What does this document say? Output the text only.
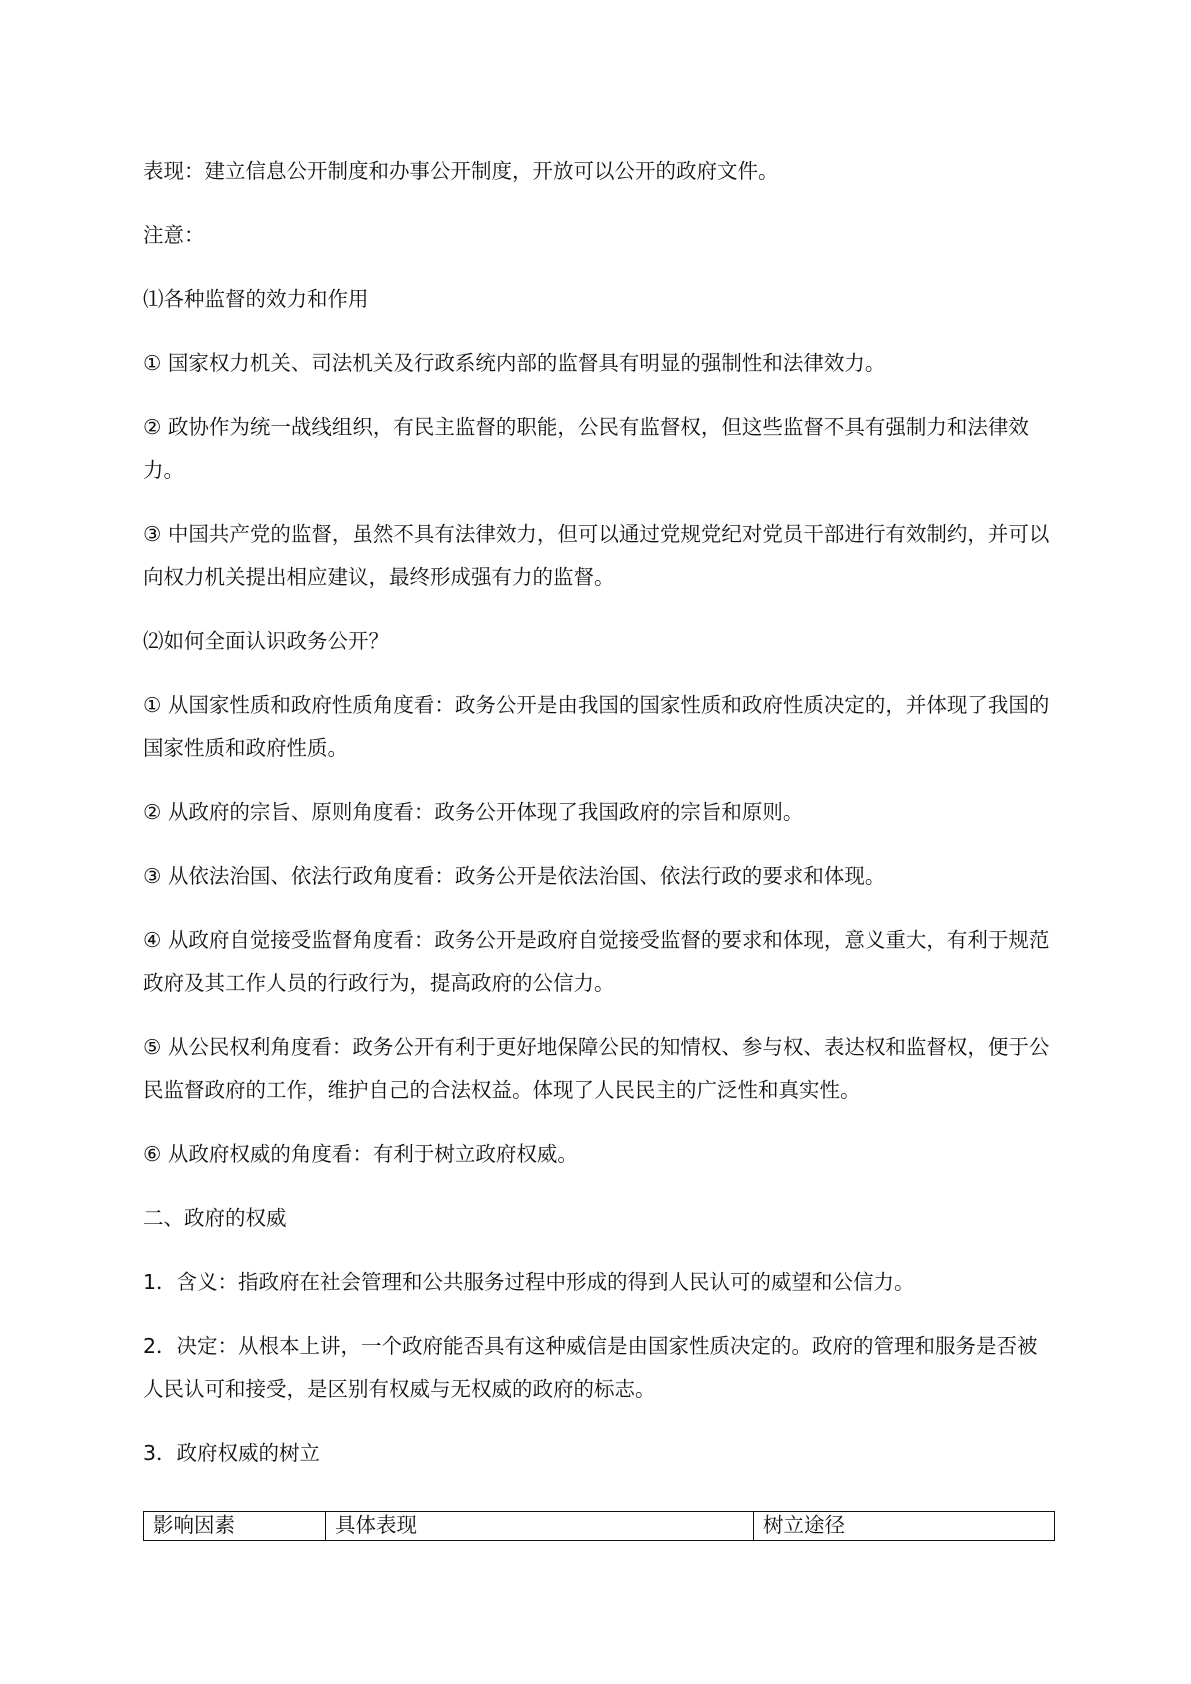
表现：建立信息公开制度和办事公开制度，开放可以公开的政府文件。

注意：

⑴各种监督的效力和作用

① 国家权力机关、司法机关及行政系统内部的监督具有明显的强制性和法律效力。

② 政协作为统一战线组织，有民主监督的职能，公民有监督权，但这些监督不具有强制力和法律效力。

③ 中国共产党的监督，虽然不具有法律效力，但可以通过党规党纪对党员干部进行有效制约，并可以向权力机关提出相应建议，最终形成强有力的监督。

⑵如何全面认识政务公开？

① 从国家性质和政府性质角度看：政务公开是由我国的国家性质和政府性质决定的，并体现了我国的国家性质和政府性质。

② 从政府的宗旨、原则角度看：政务公开体现了我国政府的宗旨和原则。

③ 从依法治国、依法行政角度看：政务公开是依法治国、依法行政的要求和体现。

④ 从政府自觉接受监督角度看：政务公开是政府自觉接受监督的要求和体现，意义重大，有利于规范政府及其工作人员的行政行为，提高政府的公信力。

⑤ 从公民权利角度看：政务公开有利于更好地保障公民的知情权、参与权、表达权和监督权，便于公民监督政府的工作，维护自己的合法权益。体现了人民民主的广泛性和真实性。

⑥ 从政府权威的角度看：有利于树立政府权威。

二、政府的权威

1．含义：指政府在社会管理和公共服务过程中形成的得到人民认可的威望和公信力。

2．决定：从根本上讲，一个政府能否具有这种威信是由国家性质决定的。政府的管理和服务是否被人民认可和接受，是区别有权威与无权威的政府的标志。

3．政府权威的树立

影响因素	具体表现	树立途径
